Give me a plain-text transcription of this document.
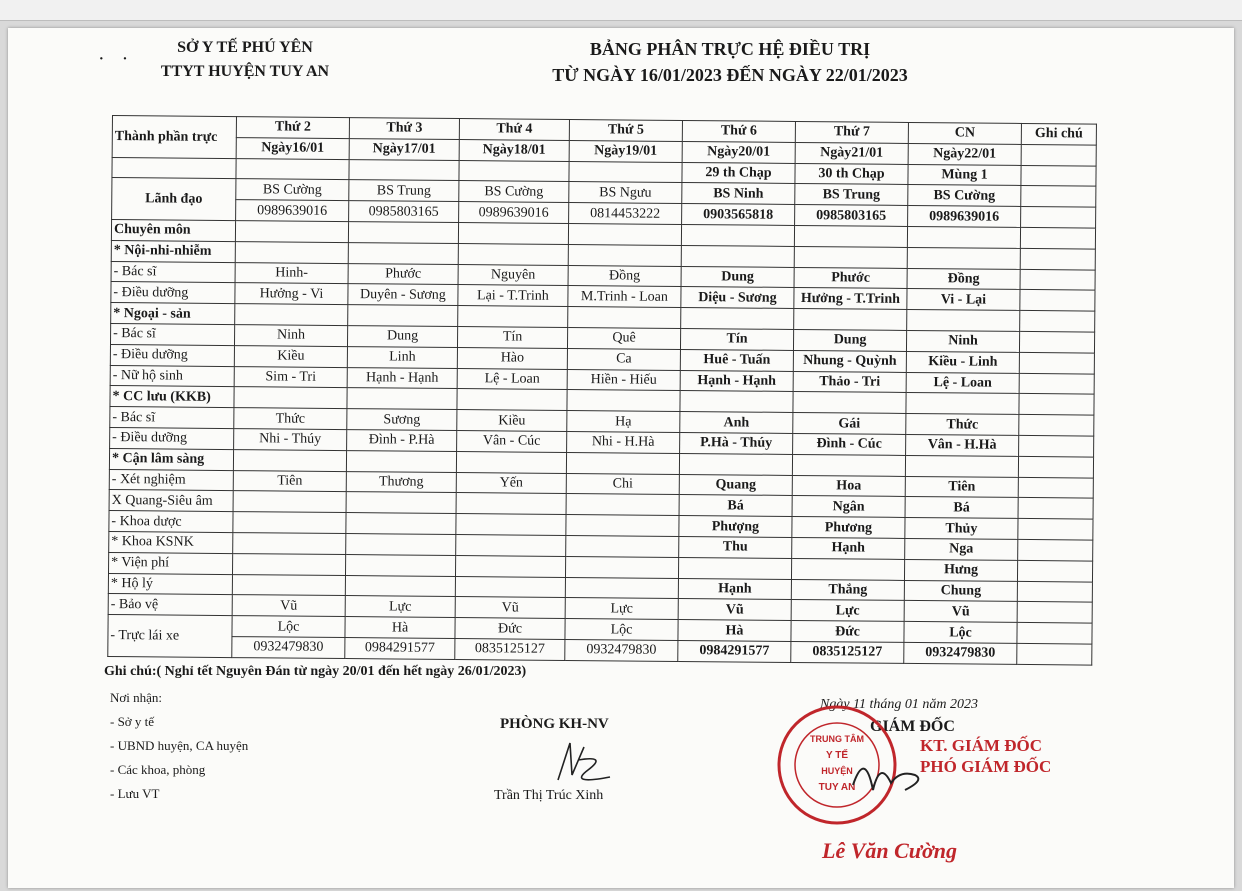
· ·
SỞ Y TẾ PHÚ YÊN
TTYT HUYỆN TUY AN
BẢNG PHÂN TRỰC HỆ ĐIỀU TRỊ
TỪ NGÀY 16/01/2023 ĐẾN NGÀY 22/01/2023
Thành phần trực	Thứ 2	Thứ 3	Thứ 4	Thứ 5	Thứ 6	Thứ 7	CN	Ghi chú
	Ngày16/01	Ngày17/01	Ngày18/01	Ngày19/01	Ngày20/01	Ngày21/01	Ngày22/01	
					29 th Chạp	30 th Chạp	Mùng 1	
Lãnh đạo	BS Cường	BS Trung	BS Cường	BS Ngưu	BS Ninh	BS Trung	BS Cường	
	0989639016	0985803165	0989639016	0814453222	0903565818	0985803165	0989639016	
Chuyên môn								
* Nội-nhi-nhiễm								
- Bác sĩ	Hinh-	Phước	Nguyên	Đồng	Dung	Phước	Đồng	
- Điều dưỡng	Hưởng - Vi	Duyên - Sương	Lại - T.Trinh	M.Trinh - Loan	Diệu - Sương	Hưởng - T.Trinh	Vi - Lại	
* Ngoại - sản								
- Bác sĩ	Ninh	Dung	Tín	Quê	Tín	Dung	Ninh	
- Điều dưỡng	Kiều	Linh	Hào	Ca	Huê - Tuấn	Nhung - Quỳnh	Kiều - Linh	
- Nữ hộ sinh	Sim - Tri	Hạnh - Hạnh	Lệ - Loan	Hiền - Hiếu	Hạnh - Hạnh	Thảo - Tri	Lệ - Loan	
* CC lưu (KKB)								
- Bác sĩ	Thức	Sương	Kiều	Hạ	Anh	Gái	Thức	
- Điều dưỡng	Nhi - Thúy	Đình - P.Hà	Vân - Cúc	Nhi - H.Hà	P.Hà - Thúy	Đình - Cúc	Vân - H.Hà	
* Cận lâm sàng								
- Xét nghiệm	Tiên	Thương	Yến	Chi	Quang	Hoa	Tiên	
X Quang-Siêu âm					Bá	Ngân	Bá	
- Khoa dược					Phượng	Phương	Thủy	
* Khoa KSNK					Thu	Hạnh	Nga	
* Viện phí							Hưng	
* Hộ lý					Hạnh	Thắng	Chung	
- Bảo vệ	Vũ	Lực	Vũ	Lực	Vũ	Lực	Vũ	
- Trực lái xe	Lộc	Hà	Đức	Lộc	Hà	Đức	Lộc	
	0932479830	0984291577	0835125127	0932479830	0984291577	0835125127	0932479830	
Ghi chú:( Nghỉ tết Nguyên Đán từ ngày 20/01 đến hết ngày 26/01/2023)
Nơi nhận:
- Sở y tế
- UBND huyện, CA huyện
- Các khoa, phòng
- Lưu VT
PHÒNG KH-NV
Trần Thị Trúc Xinh
Ngày 11 tháng 01 năm 2023
GIÁM ĐỐC
TRUNG TÂM
Y TẾ
HUYỆN
TUY AN
KT. GIÁM ĐỐC
PHÓ GIÁM ĐỐC
Lê Văn Cường
